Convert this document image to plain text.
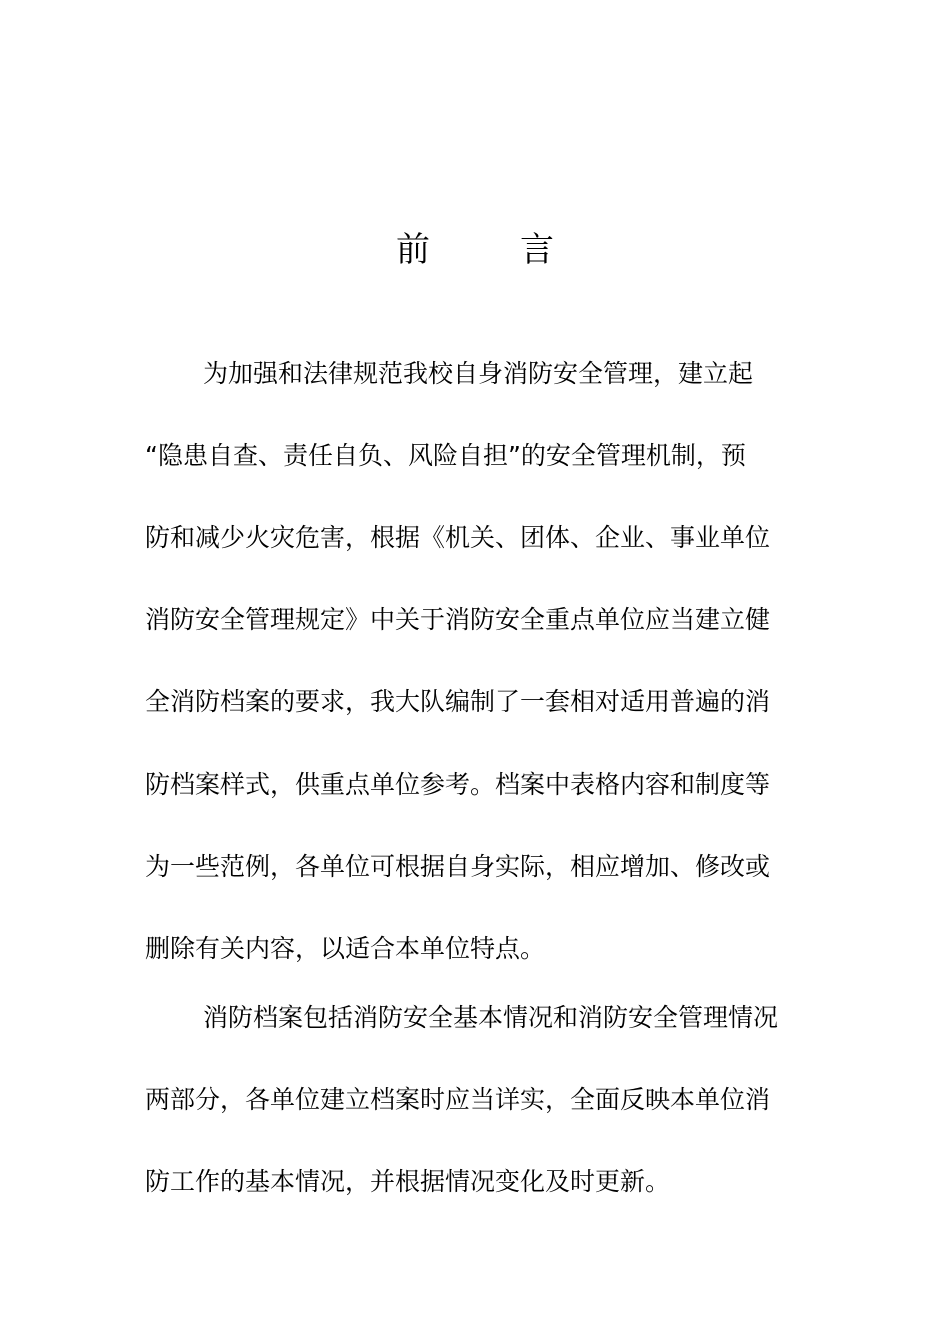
前	言
为加强和法律规范我校自身消防安全管理，建立起
“隐患自查、责任自负、风险自担”的安全管理机制，预
防和减少火灾危害，根据《机关、团体、企业、事业单位
消防安全管理规定》中关于消防安全重点单位应当建立健
全消防档案的要求，我大队编制了一套相对适用普遍的消
防档案样式，供重点单位参考。档案中表格内容和制度等
为一些范例，各单位可根据自身实际，相应增加、修改或
删除有关内容，以适合本单位特点。
消防档案包括消防安全基本情况和消防安全管理情况
两部分，各单位建立档案时应当详实，全面反映本单位消
防工作的基本情况，并根据情况变化及时更新。
